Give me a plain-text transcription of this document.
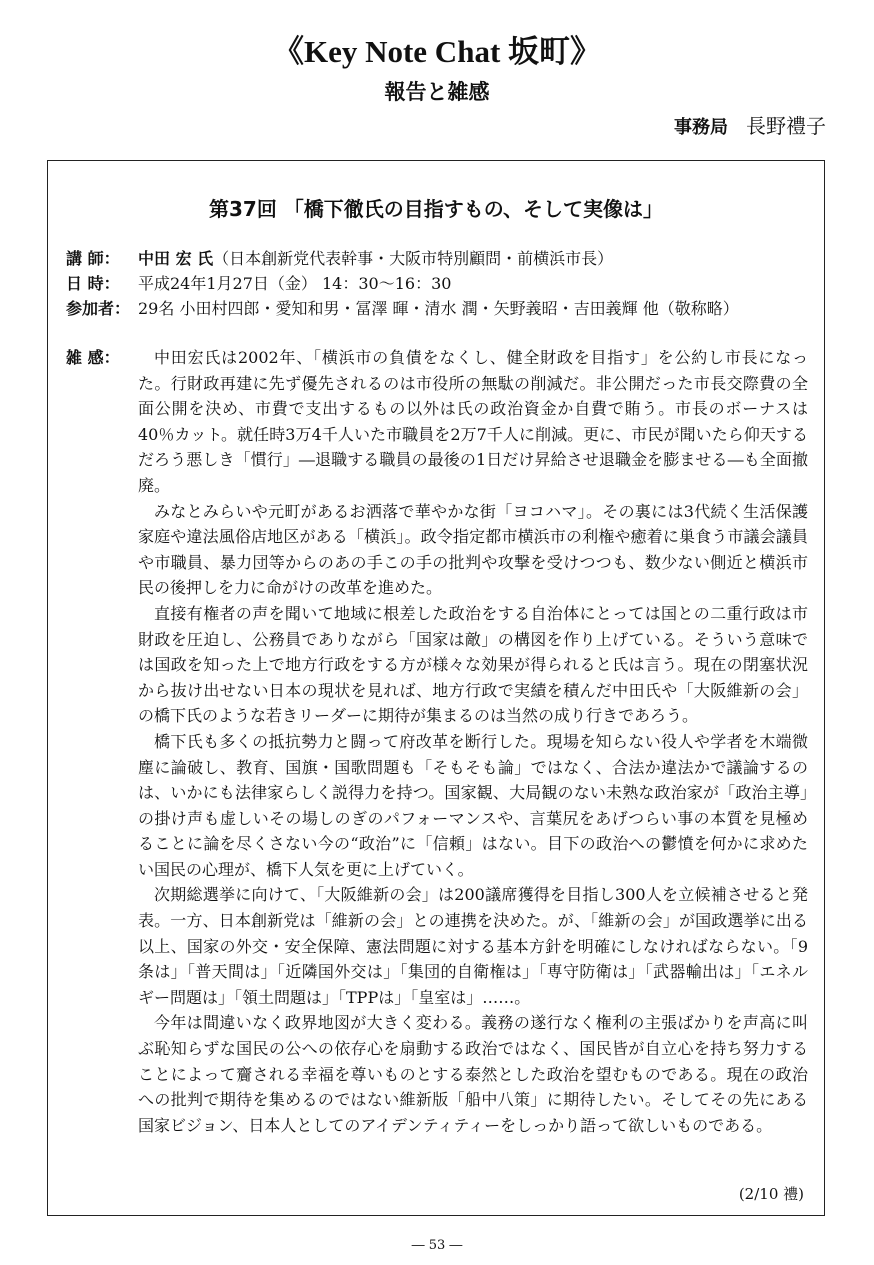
《Key Note Chat 坂町》
報告と雑感
事務局 長野禮子
第37回 「橋下徹氏の目指すもの、そして実像は」
講 師： 中田 宏 氏（日本創新党代表幹事・大阪市特別顧問・前横浜市長）
日 時： 平成24年1月27日（金） 14：30～16：30
参加者： 29名 小田村四郎・愛知和男・冨澤 暉・清水 潤・矢野義昭・吉田義輝 他（敬称略）
雑 感：	中田宏氏は2002年、「横浜市の負債をなくし、健全財政を目指す」を公約し市長になった。行財政再建に先ず優先されるのは市役所の無駄の削減だ。非公開だった市長交際費の全面公開を決め、市費で支出するもの以外は氏の政治資金か自費で賄う。市長のボーナスは40％カット。就任時3万4千人いた市職員を2万7千人に削減。更に、市民が聞いたら仰天するだろう悪しき「慣行」―退職する職員の最後の1日だけ昇給させ退職金を膨ませる―も全面撤廃。

みなとみらいや元町があるお洒落で華やかな街「ヨコハマ」。その裏には3代続く生活保護家庭や違法風俗店地区がある「横浜」。政令指定都市横浜市の利権や癒着に巣食う市議会議員や市職員、暴力団等からのあの手この手の批判や攻撃を受けつつも、数少ない側近と横浜市民の後押しを力に命がけの改革を進めた。

直接有権者の声を聞いて地域に根差した政治をする自治体にとっては国との二重行政は市財政を圧迫し、公務員でありながら「国家は敵」の構図を作り上げている。そういう意味では国政を知った上で地方行政をする方が様々な効果が得られると氏は言う。現在の閉塞状況から抜け出せない日本の現状を見れば、地方行政で実績を積んだ中田氏や「大阪維新の会」の橋下氏のような若きリーダーに期待が集まるのは当然の成り行きであろう。

橋下氏も多くの抵抗勢力と闘って府改革を断行した。現場を知らない役人や学者を木端微塵に論破し、教育、国旗・国歌問題も「そもそも論」ではなく、合法か違法かで議論するのは、いかにも法律家らしく説得力を持つ。国家観、大局観のない未熟な政治家が「政治主導」の掛け声も虚しいその場しのぎのパフォーマンスや、言葉尻をあげつらい事の本質を見極めることに論を尽くさない今の“政治”に「信頼」はない。目下の政治への鬱憤を何かに求めたい国民の心理が、橋下人気を更に上げていく。

次期総選挙に向けて、「大阪維新の会」は200議席獲得を目指し300人を立候補させると発表。一方、日本創新党は「維新の会」との連携を決めた。が、「維新の会」が国政選挙に出る以上、国家の外交・安全保障、憲法問題に対する基本方針を明確にしなければならない。「9条は」「普天間は」「近隣国外交は」「集団的自衛権は」「専守防衛は」「武器輸出は」「エネルギー問題は」「領土問題は」「TPPは」「皇室は」……。

今年は間違いなく政界地図が大きく変わる。義務の遂行なく権利の主張ばかりを声高に叫ぶ恥知らずな国民の公への依存心を扇動する政治ではなく、国民皆が自立心を持ち努力することによって齎される幸福を尊いものとする泰然とした政治を望むものである。現在の政治への批判で期待を集めるのではない維新版「船中八策」に期待したい。そしてその先にある国家ビジョン、日本人としてのアイデンティティーをしっかり語って欲しいものである。

(2/10 禮)
― 53 ―
